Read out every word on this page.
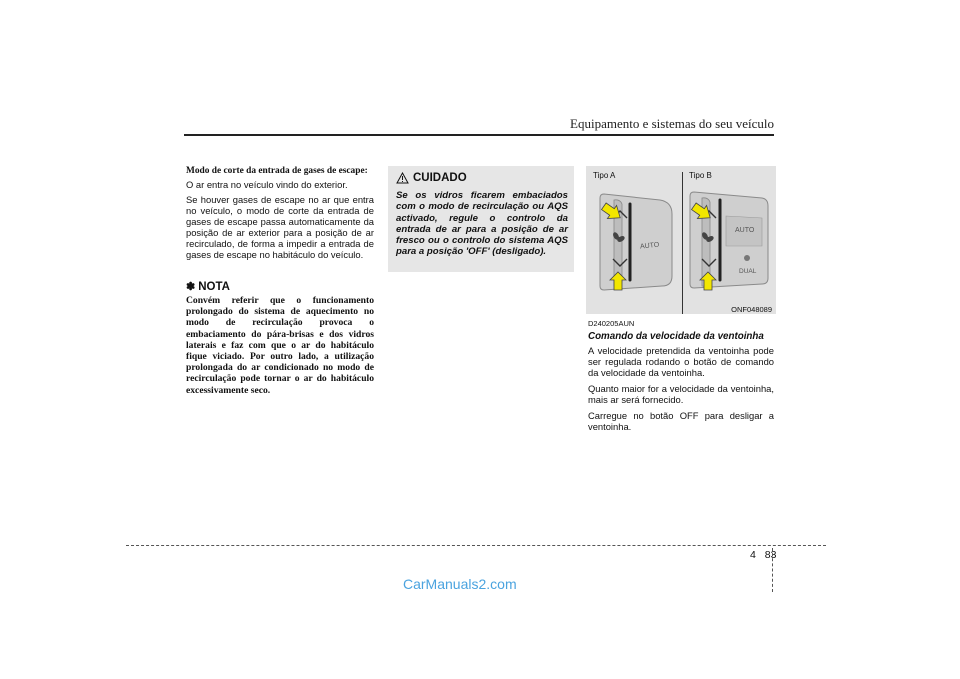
Equipamento e sistemas do seu veículo
Modo de corte da entrada de gases de escape:

O ar entra no veículo vindo do exterior.

Se houver gases de escape no ar que entra no veículo, o modo de corte da entrada de gases de escape passa automaticamente da posição de ar exterior para a posição de ar recirculado, de forma a impedir a entrada de gases de escape no habitáculo do veículo.

✽ NOTA

Convém referir que o funcionamento prolongado do sistema de aquecimento no modo de recirculação provoca o embaciamento do pára-brisas e dos vidros laterais e faz com que o ar do habitáculo fique viciado. Por outro lado, a utilização prolongada do ar condicionado no modo de recirculação pode tornar o ar do habitáculo excessivamente seco.

CUIDADO
Se os vidros ficarem embaciados com o modo de recirculação ou AQS activado, regule o controlo da entrada de ar para a posição de ar fresco ou o controlo do sistema AQS para a posição 'OFF' (desligado).
AUTO
AUTO
DUAL
Tipo A	Tipo B
ONF048089
D240205AUN
Comando da velocidade da ventoinha

A velocidade pretendida da ventoinha pode ser regulada rodando o botão de comando da velocidade da ventoinha.

Quanto maior for a velocidade da ventoinha, mais ar será fornecido.

Carregue no botão OFF para desligar a ventoinha.

4 83
CarManuals2.com
